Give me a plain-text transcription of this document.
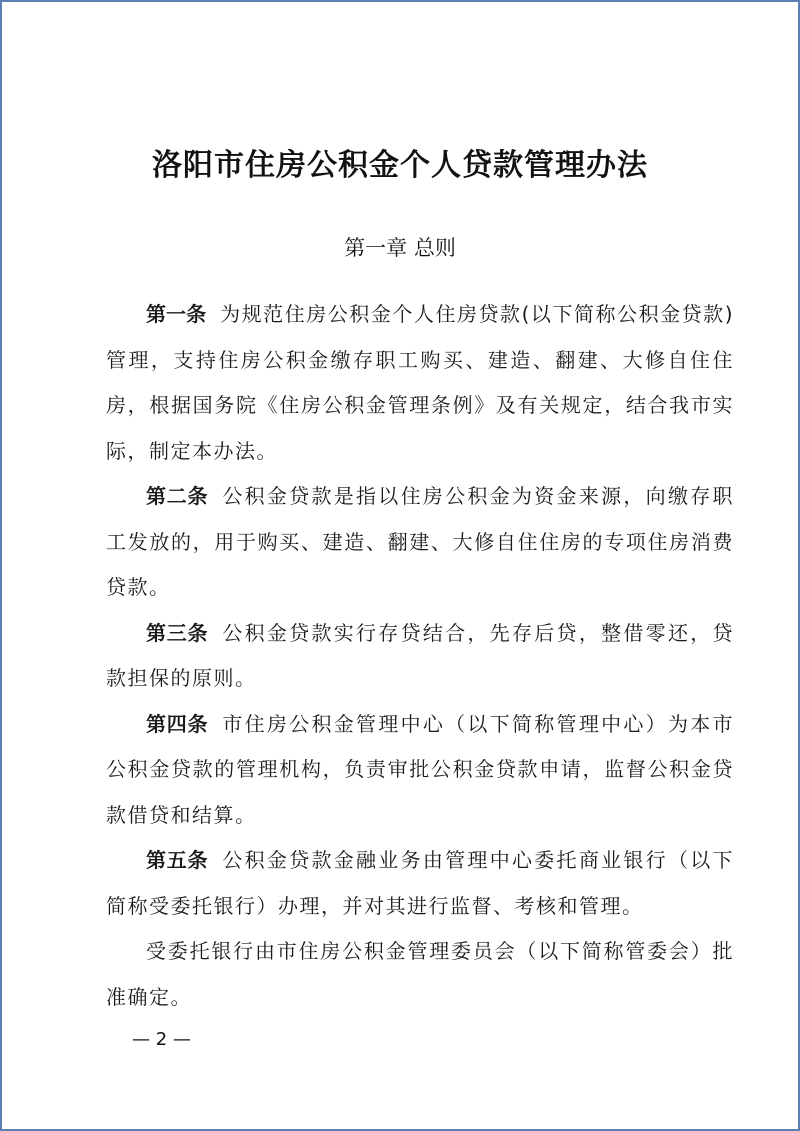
洛阳市住房公积金个人贷款管理办法
第一章 总则

第一条 为规范住房公积金个人住房贷款(以下简称公积金贷款)管理，支持住房公积金缴存职工购买、建造、翻建、大修自住住房，根据国务院《住房公积金管理条例》及有关规定，结合我市实际，制定本办法。

第二条 公积金贷款是指以住房公积金为资金来源，向缴存职工发放的，用于购买、建造、翻建、大修自住住房的专项住房消费贷款。

第三条 公积金贷款实行存贷结合，先存后贷，整借零还，贷款担保的原则。

第四条 市住房公积金管理中心（以下简称管理中心）为本市公积金贷款的管理机构，负责审批公积金贷款申请，监督公积金贷款借贷和结算。

第五条 公积金贷款金融业务由管理中心委托商业银行（以下简称受委托银行）办理，并对其进行监督、考核和管理。

受委托银行由市住房公积金管理委员会（以下简称管委会）批准确定。

— 2 —
